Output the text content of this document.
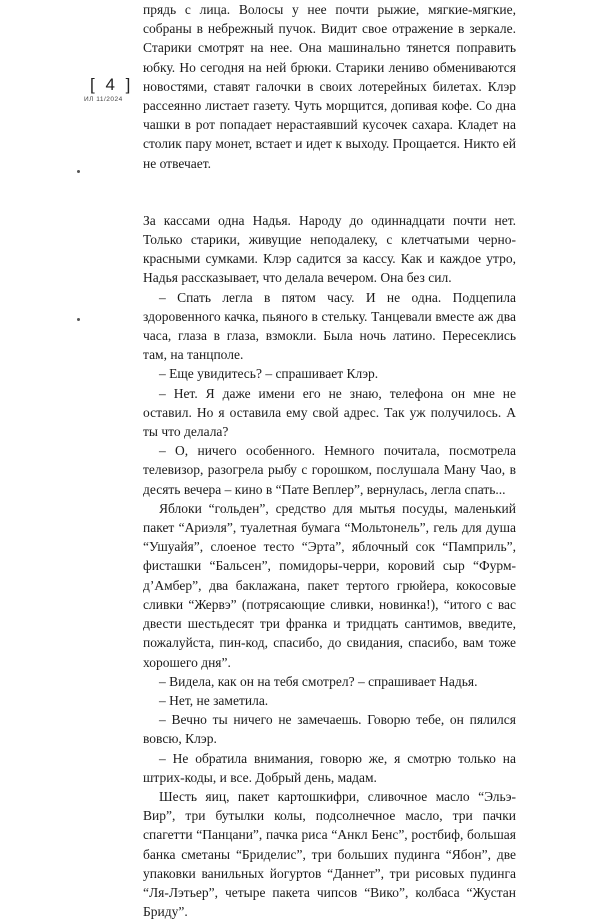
[ 4 ]
ИЛ 11/2024

прядь с лица. Волосы у нее почти рыжие, мягкие-мягкие, собраны в небрежный пучок. Видит свое отражение в зеркале. Старики смотрят на нее. Она машинально тянется поправить юбку. Но сегодня на ней брюки. Старики лениво обмениваются новостями, ставят галочки в своих лотерейных билетах. Клэр рассеянно листает газету. Чуть морщится, допивая кофе. Со дна чашки в рот попадает нерастаявший кусочек сахара. Кладет на столик пару монет, встает и идет к выходу. Прощается. Никто ей не отвечает.

За кассами одна Надья. Народу до одиннадцати почти нет. Только старики, живущие неподалеку, с клетчатыми черно-красными сумками. Клэр садится за кассу. Как и каждое утро, Надья рассказывает, что делала вечером. Она без сил.

– Спать легла в пятом часу. И не одна. Подцепила здоровенного качка, пьяного в стельку. Танцевали вместе аж два часа, глаза в глаза, взмокли. Была ночь латино. Пересеклись там, на танцполе.

– Еще увидитесь? – спрашивает Клэр.

– Нет. Я даже имени его не знаю, телефона он мне не оставил. Но я оставила ему свой адрес. Так уж получилось. А ты что делала?

– О, ничего особенного. Немного почитала, посмотрела телевизор, разогрела рыбу с горошком, послушала Ману Чао, в десять вечера – кино в “Пате Веплер”, вернулась, легла спать...

Яблоки “гольден”, средство для мытья посуды, маленький пакет “Ариэля”, туалетная бумага “Мольтонель”, гель для душа “Ушуайя”, слоеное тесто “Эрта”, яблочный сок “Памприль”, фисташки “Бальсен”, помидоры-черри, коровий сыр “Фурм-д’Амбер”, два баклажана, пакет тертого грюйера, кокосовые сливки “Жервэ” (потрясающие сливки, новинка!), “итого с вас двести шестьдесят три франка и тридцать сантимов, введите, пожалуйста, пин-код, спасибо, до свидания, спасибо, вам тоже хорошего дня”.

– Видела, как он на тебя смотрел? – спрашивает Надья.

– Нет, не заметила.

– Вечно ты ничего не замечаешь. Говорю тебе, он пялился вовсю, Клэр.

– Не обратила внимания, говорю же, я смотрю только на штрих-коды, и все. Добрый день, мадам.

Шесть яиц, пакет картошкифри, сливочное масло “Эльэ-Вир”, три бутылки колы, подсолнечное масло, три пачки спагетти “Панцани”, пачка риса “Анкл Бенс”, ростбиф, большая банка сметаны “Бриделис”, три больших пудинга “Ябон”, две упаковки ванильных йогуртов “Даннет”, три рисовых пудинга “Ля-Лэтьер”, четыре пакета чипсов “Вико”, колбаса “Жустан Бриду”.
